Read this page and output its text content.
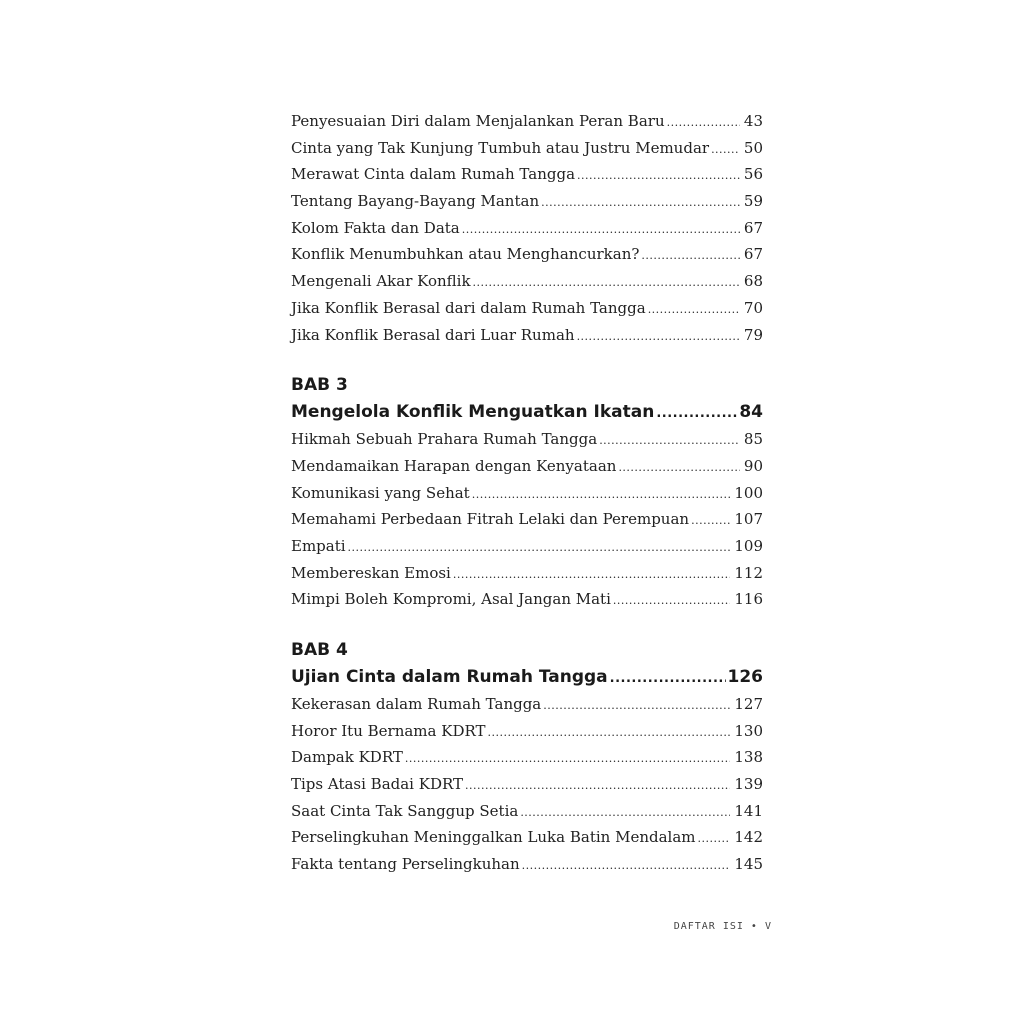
Penyesuaian Diri dalam Menjalankan Peran Baru .....	43
Cinta yang Tak Kunjung Tumbuh atau Justru Memudar ..... 50
Merawat Cinta dalam Rumah Tangga .....	56
Tentang Bayang-Bayang Mantan .....	59
Kolom Fakta dan Data .....	67
Konflik Menumbuhkan atau Menghancurkan? .....	67
Mengenali Akar Konflik .....	68
Jika Konflik Berasal dari dalam Rumah Tangga .....	70
Jika Konflik Berasal dari Luar Rumah .....	79
BAB 3
Mengelola Konflik Menguatkan Ikatan .....	84
Hikmah Sebuah Prahara Rumah Tangga .....	85
Mendamaikan Harapan dengan Kenyataan .....	90
Komunikasi yang Sehat .....	100
Memahami Perbedaan Fitrah Lelaki dan Perempuan .....	107
Empati .....	109
Membereskan Emosi .....	112
Mimpi Boleh Kompromi, Asal Jangan Mati .....	116
BAB 4
Ujian Cinta dalam Rumah Tangga .....	126
Kekerasan dalam Rumah Tangga .....	127
Horor Itu Bernama KDRT .....	130
Dampak KDRT .....	138
Tips Atasi Badai KDRT .....	139
Saat Cinta Tak Sanggup Setia .....	141
Perselingkuhan Meninggalkan Luka Batin Mendalam .....	142
Fakta tentang Perselingkuhan .....	145
DAFTAR ISI • V
